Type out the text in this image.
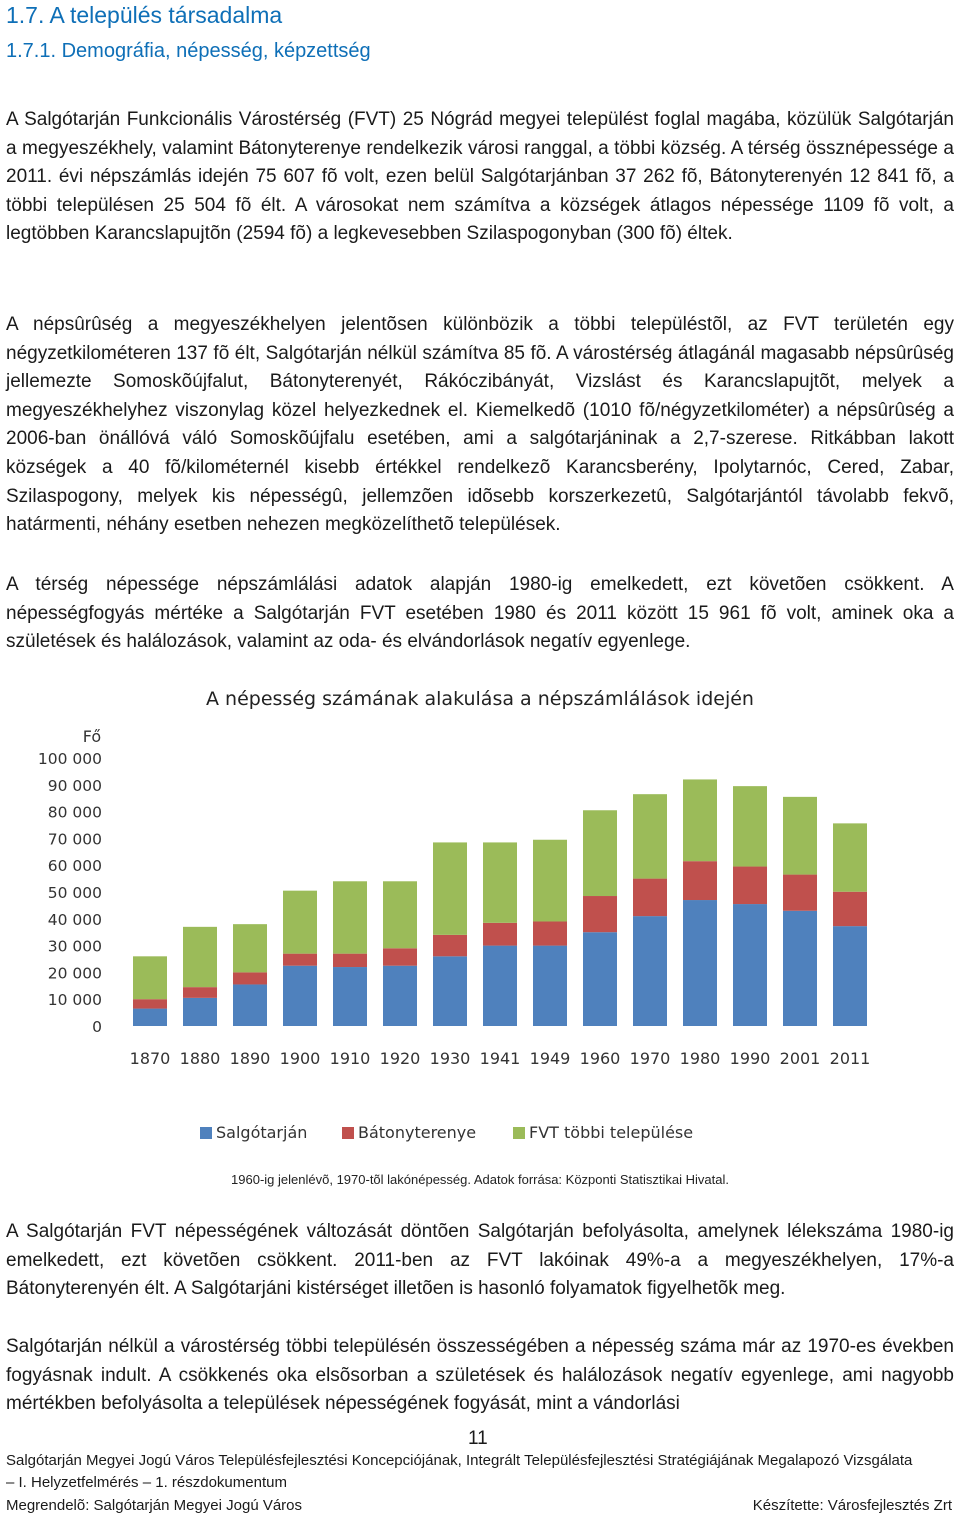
1.7. A település társadalma
1.7.1. Demográfia, népesség, képzettség

A Salgótarján Funkcionális Várostérség (FVT) 25 Nógrád megyei települést foglal magába, közülük Salgótarján a megyeszékhely, valamint Bátonyterenye rendelkezik városi ranggal, a többi község. A térség össznépessége a 2011. évi népszámlás idején 75 607 fõ volt, ezen belül Salgótarjánban 37 262 fõ, Bátonyterenyén 12 841 fõ, a többi településen 25 504 fõ élt. A városokat nem számítva a községek átlagos népessége 1109 fõ volt, a legtöbben Karancslapujtõn (2594 fõ) a legkevesebben Szilaspogonyban (300 fõ) éltek.

A népsûrûség a megyeszékhelyen jelentõsen különbözik a többi településtõl, az FVT területén egy négyzetkilométeren 137 fõ élt, Salgótarján nélkül számítva 85 fõ. A várostérség átlagánál magasabb népsûrûség jellemezte Somoskõújfalut, Bátonyterenyét, Rákóczibányát, Vizslást és Karancslapujtõt, melyek a megyeszékhelyhez viszonylag közel helyezkednek el. Kiemelkedõ (1010 fõ/négyzetkilométer) a népsûrûség a 2006-ban önállóvá váló Somoskõújfalu esetében, ami a salgótarjáninak a 2,7-szerese. Ritkábban lakott községek a 40 fõ/kilométernél kisebb értékkel rendelkezõ Karancsberény, Ipolytarnóc, Cered, Zabar, Szilaspogony, melyek kis népességû, jellemzõen idõsebb korszerkezetû, Salgótarjántól távolabb fekvõ, határmenti, néhány esetben nehezen megközelíthetõ települések.

A térség népessége népszámlálási adatok alapján 1980-ig emelkedett, ezt követõen csökkent. A népességfogyás mértéke a Salgótarján FVT esetében 1980 és 2011 között 15 961 fõ volt, aminek oka a születések és halálozások, valamint az oda- és elvándorlások negatív egyenlege.

A népesség számának alakulása a népszámlálások idején
Fő
0
10 000
20 000
30 000
40 000
50 000
60 000
70 000
80 000
90 000
100 000
1870 1880 1890 1900 1910 1920 1930 1941 1949 1960 1970 1980 1990 2001 2011
Salgótarján	Bátonyterenye	FVT többi települése
1960-ig jelenlévõ, 1970-tõl lakónépesség. Adatok forrása: Központi Statisztikai Hivatal.

A Salgótarján FVT népességének változását döntõen Salgótarján befolyásolta, amelynek lélekszáma 1980-ig emelkedett, ezt követõen csökkent. 2011-ben az FVT lakóinak 49%-a a megyeszékhelyen, 17%-a Bátonyterenyén élt. A Salgótarjáni kistérséget illetõen is hasonló folyamatok figyelhetõk meg.

Salgótarján nélkül a várostérség többi településén összességében a népesség száma már az 1970-es években fogyásnak indult. A csökkenés oka elsõsorban a születések és halálozások negatív egyenlege, ami nagyobb mértékben befolyásolta a települések népességének fogyását, mint a vándorlási

11
Salgótarján Megyei Jogú Város Településfejlesztési Koncepciójának, Integrált Településfejlesztési Stratégiájának Megalapozó Vizsgálata
– I. Helyzetfelmérés – 1. részdokumentum
Megrendelõ: Salgótarján Megyei Jogú Város	Készítette: Városfejlesztés Zrt
